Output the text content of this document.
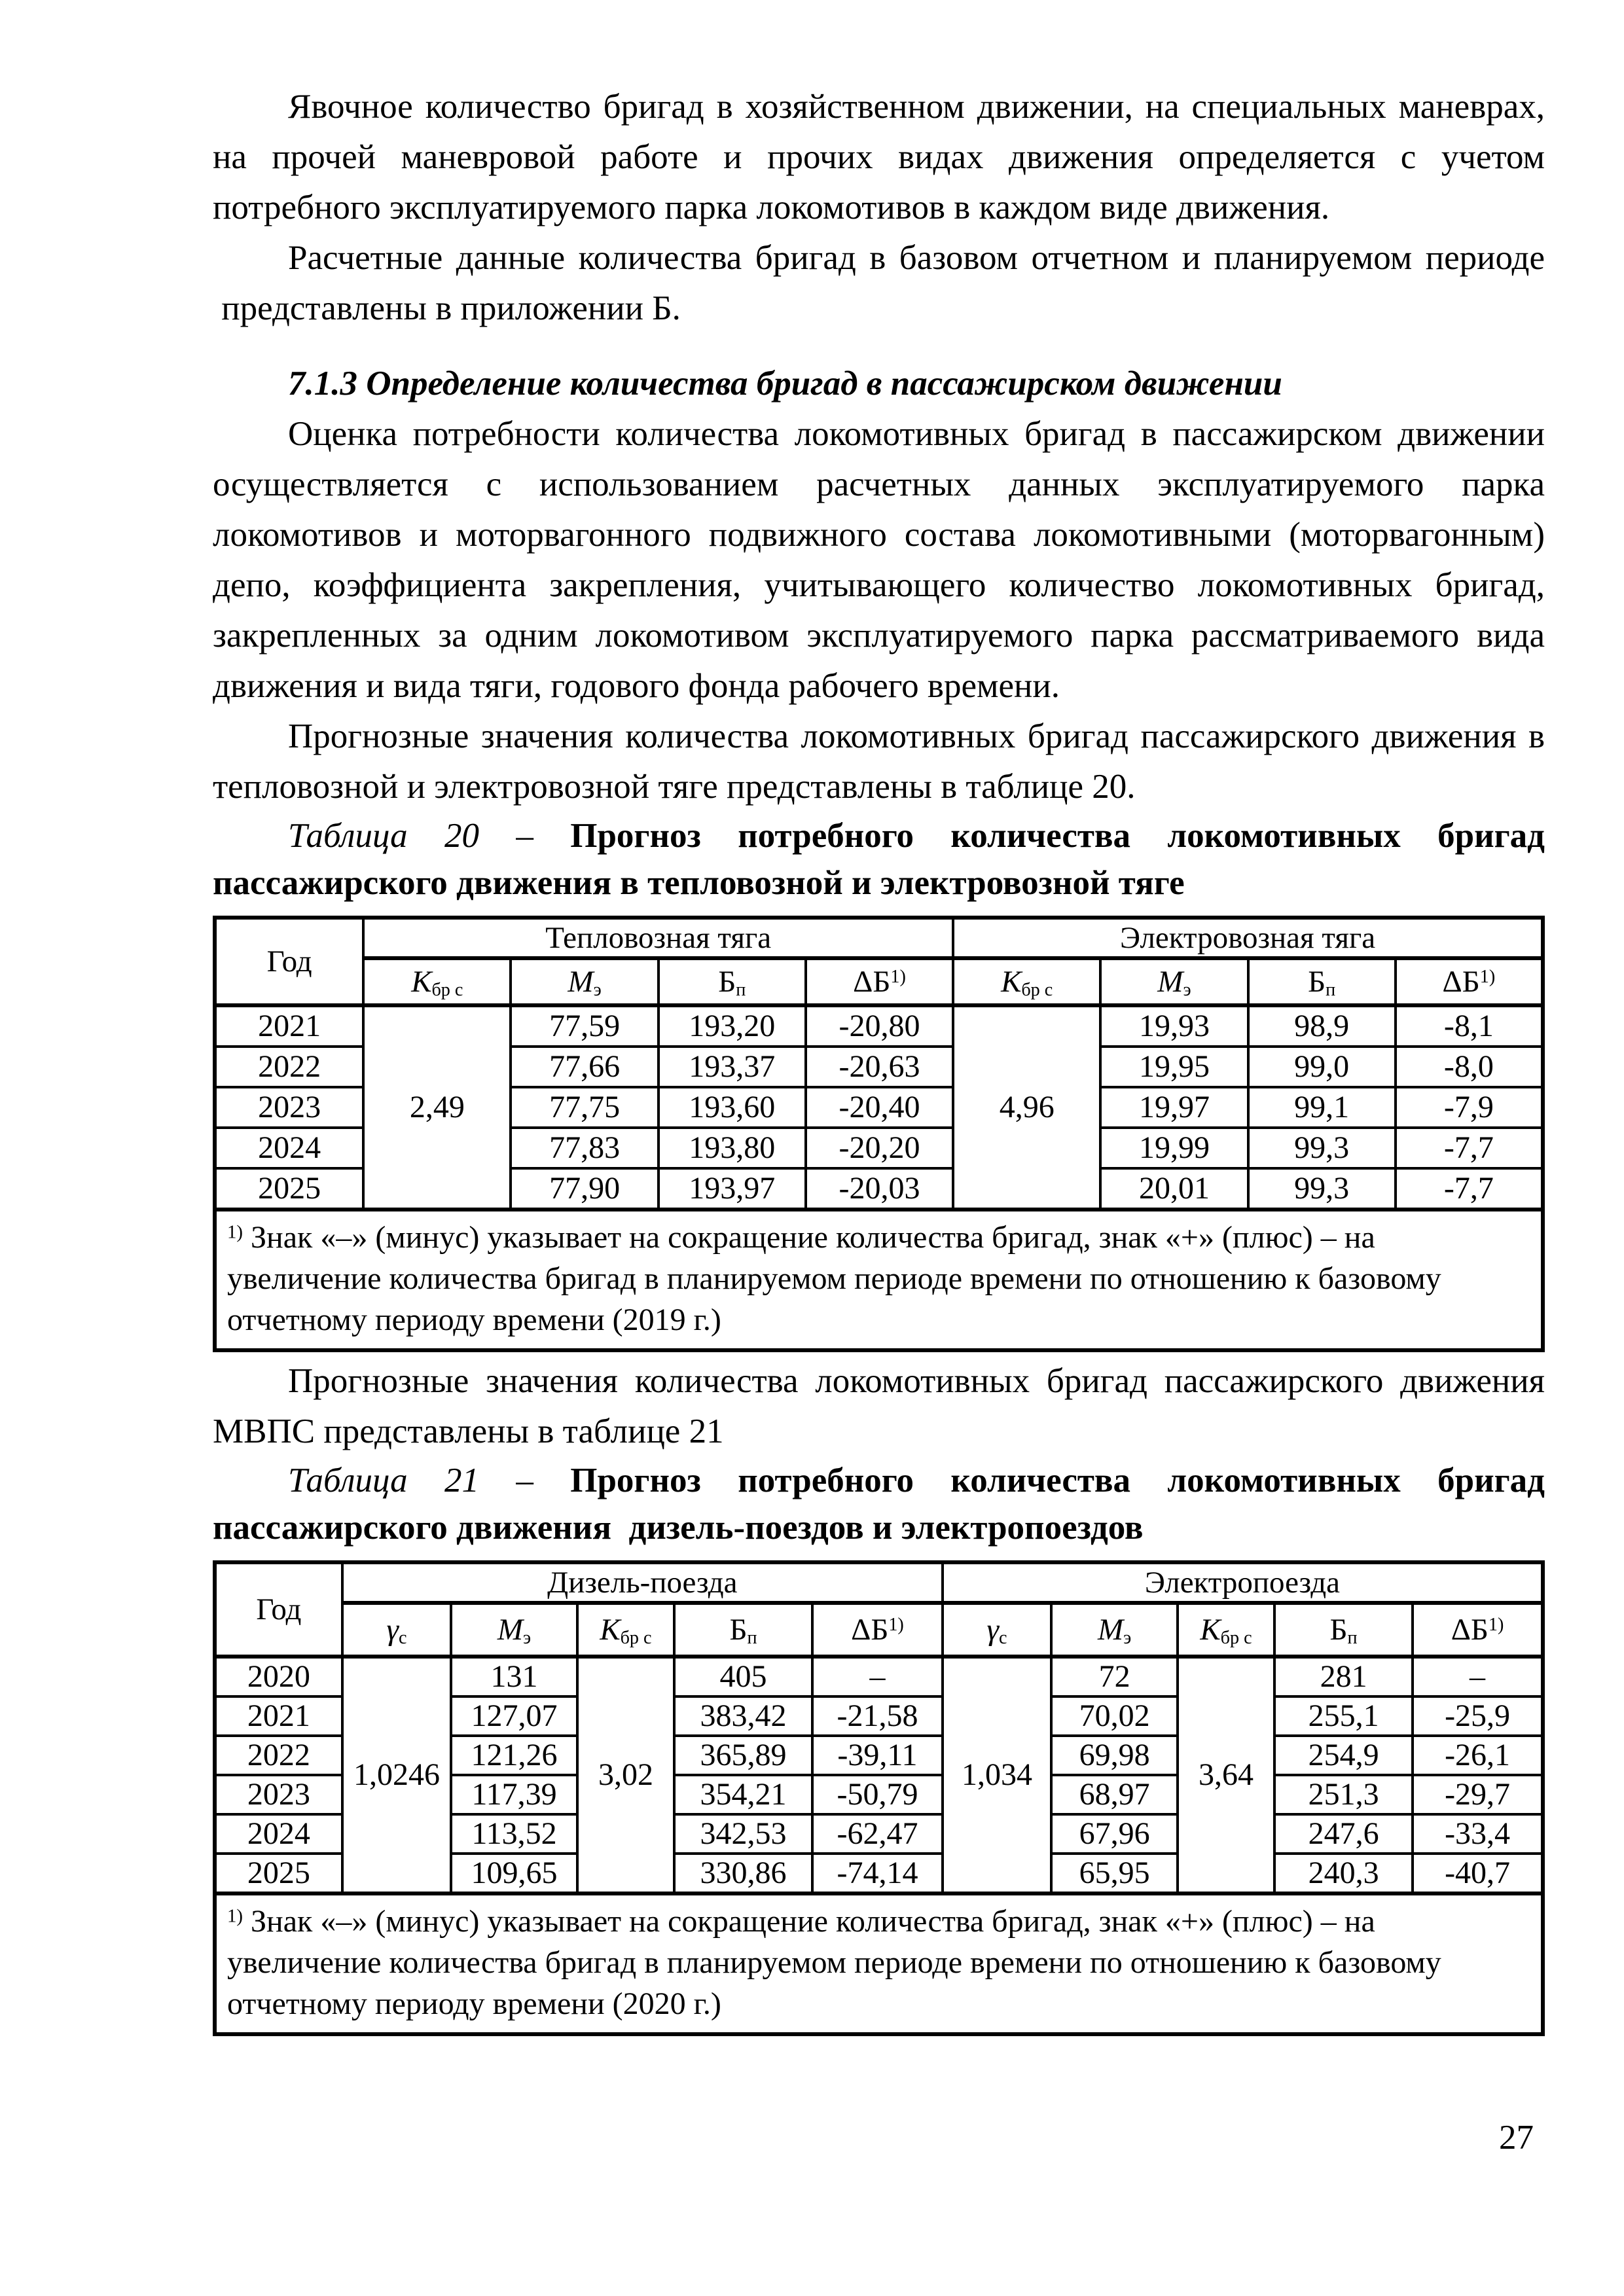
Явочное количество бригад в хозяйственном движении, на специальных маневрах, на прочей маневровой работе и прочих видах движения определяется с учетом потребного эксплуатируемого парка локомотивов в каждом виде движения.

Расчетные данные количества бригад в базовом отчетном и планируемом периоде  представлены в приложении Б.

7.1.3 Определение количества бригад в пассажирском движении

Оценка потребности количества локомотивных бригад в пассажирском движении осуществляется с использованием расчетных данных эксплуатируемого парка локомотивов и моторвагонного подвижного состава локомотивными (моторвагонным) депо, коэффициента закрепления, учитывающего количество локомотивных бригад, закрепленных за одним локомотивом эксплуатируемого парка рассматриваемого вида движения и вида тяги, годового фонда рабочего времени.

Прогнозные значения количества локомотивных бригад пассажирского движения в тепловозной и электровозной тяге представлены в таблице 20.

Таблица 20 – Прогноз потребного количества локомотивных бригад пассажирского движения в тепловозной и электровозной тяге

Год	Тепловозная тяга				Электровозная тяга			
	$К_{бр с}$	$М_э$	$Б_п$	ΔБ$^{1)}$	$К_{бр с}$	$М_э$	$Б_п$	ΔБ$^{1)}$
2021	2,49	77,59	193,20	-20,80	4,96	19,93	98,9	-8,1
2022		77,66	193,37	-20,63		19,95	99,0	-8,0
2023		77,75	193,60	-20,40		19,97	99,1	-7,9
2024		77,83	193,80	-20,20		19,99	99,3	-7,7
2025		77,90	193,97	-20,03		20,01	99,3	-7,7
$^{1)}$ Знак «–» (минус) указывает на сокращение количества бригад, знак «+» (плюс) – на увеличение количества бригад в планируемом периоде времени по отношению к базовому отчетному периоду времени (2019 г.)								

Прогнозные значения количества локомотивных бригад пассажирского движения МВПС представлены в таблице 21

Таблица 21 – Прогноз потребного количества локомотивных бригад пассажирского движения  дизель-поездов и электропоездов

Год	Дизель-поезда					Электропоезда				
	$\gamma_с$	$М_э$	$К_{бр с}$	$Б_п$	ΔБ$^{1)}$	$\gamma_с$	$М_э$	$К_{бр с}$	$Б_п$	ΔБ$^{1)}$
2020	1,0246	131	3,02	405	–	1,034	72	3,64	281	–
2021		127,07		383,42	-21,58		70,02		255,1	-25,9
2022		121,26		365,89	-39,11		69,98		254,9	-26,1
2023		117,39		354,21	-50,79		68,97		251,3	-29,7
2024		113,52		342,53	-62,47		67,96		247,6	-33,4
2025		109,65		330,86	-74,14		65,95		240,3	-40,7
$^{1)}$ Знак «–» (минус) указывает на сокращение количества бригад, знак «+» (плюс) – на увеличение количества бригад в планируемом периоде времени по отношению к базовому отчетному периоду времени (2020 г.)										
27
